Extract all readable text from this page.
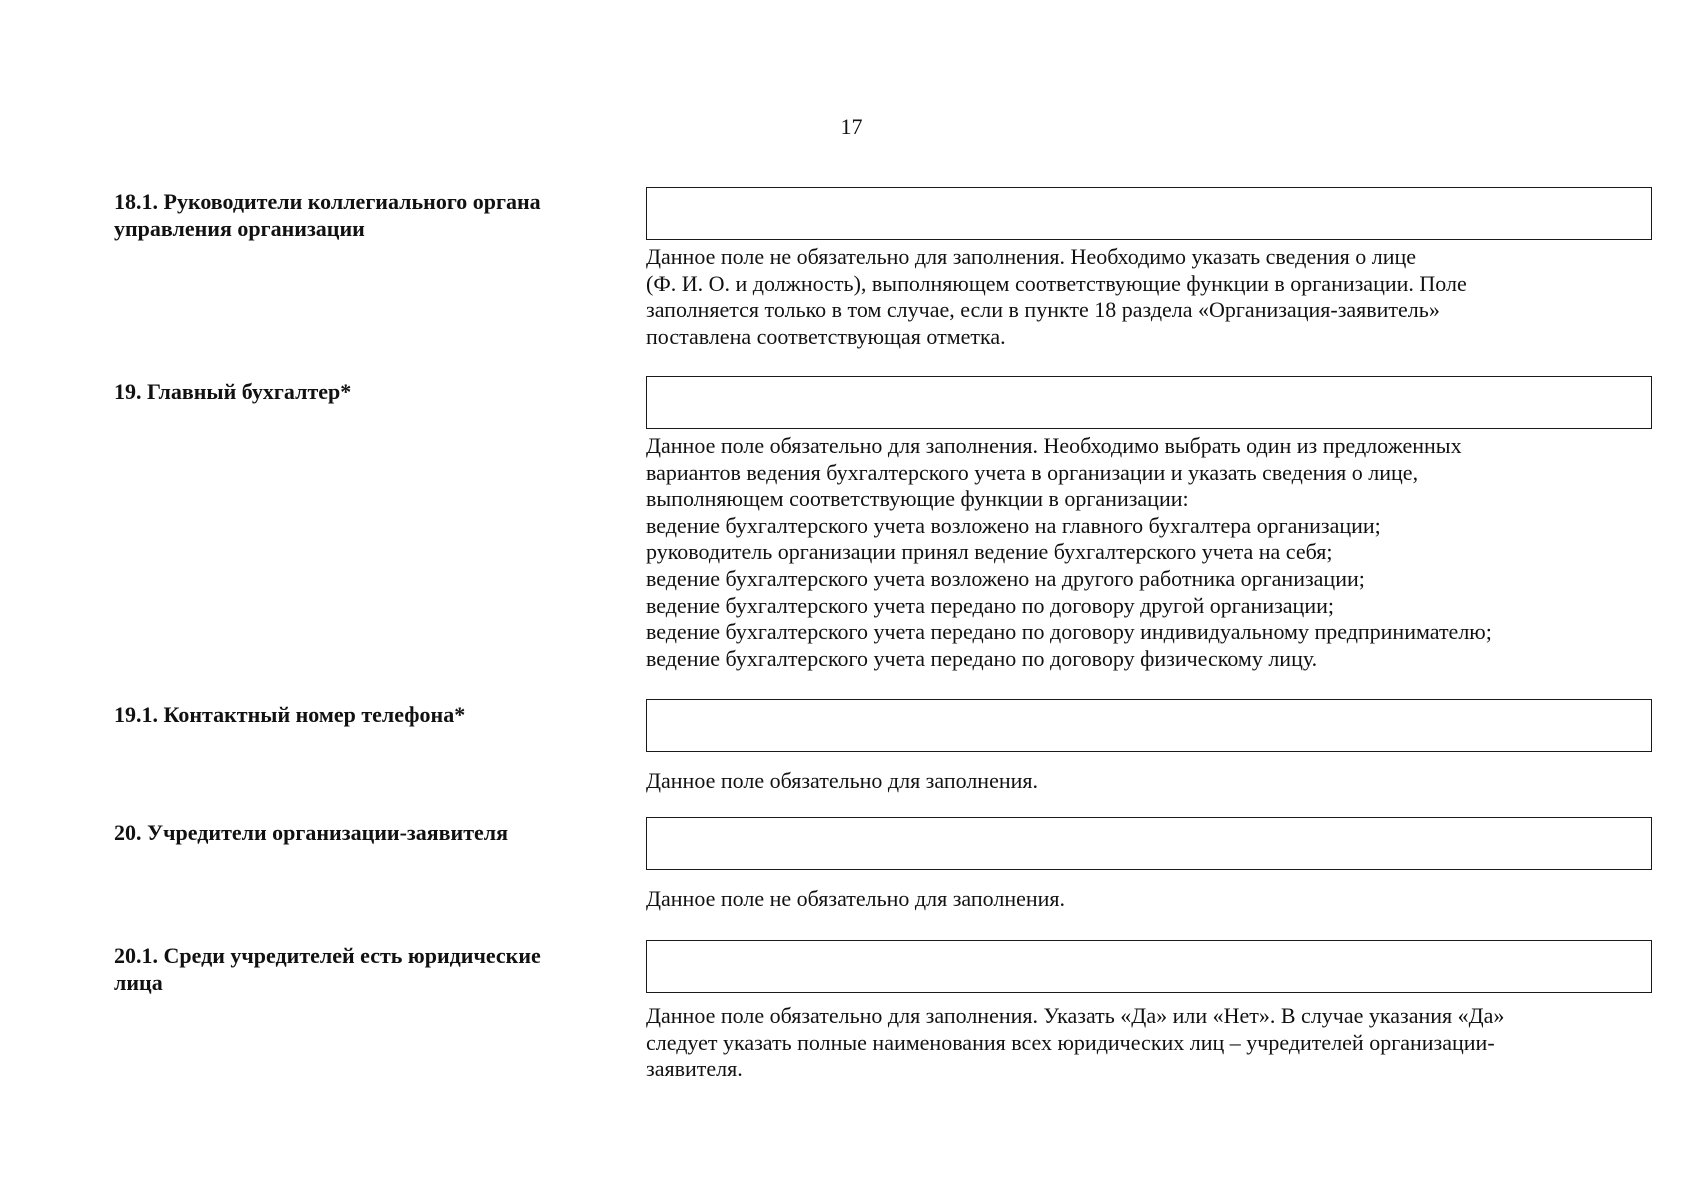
17
18.1. Руководители коллегиального органа
управления организации
Данное поле не обязательно для заполнения. Необходимо указать сведения о лице
(Ф. И. О. и должность), выполняющем соответствующие функции в организации. Поле
заполняется только в том случае, если в пункте 18 раздела «Организация-заявитель»
поставлена соответствующая отметка.
19. Главный бухгалтер*
Данное поле обязательно для заполнения. Необходимо выбрать один из предложенных
вариантов ведения бухгалтерского учета в организации и указать сведения о лице,
выполняющем соответствующие функции в организации:
ведение бухгалтерского учета возложено на главного бухгалтера организации;
руководитель организации принял ведение бухгалтерского учета на себя;
ведение бухгалтерского учета возложено на другого работника организации;
ведение бухгалтерского учета передано по договору другой организации;
ведение бухгалтерского учета передано по договору индивидуальному предпринимателю;
ведение бухгалтерского учета передано по договору физическому лицу.
19.1. Контактный номер телефона*
Данное поле обязательно для заполнения.
20. Учредители организации-заявителя
Данное поле не обязательно для заполнения.
20.1. Среди учредителей есть юридические
лица
Данное поле обязательно для заполнения. Указать «Да» или «Нет». В случае указания «Да»
следует указать полные наименования всех юридических лиц – учредителей организации-
заявителя.
